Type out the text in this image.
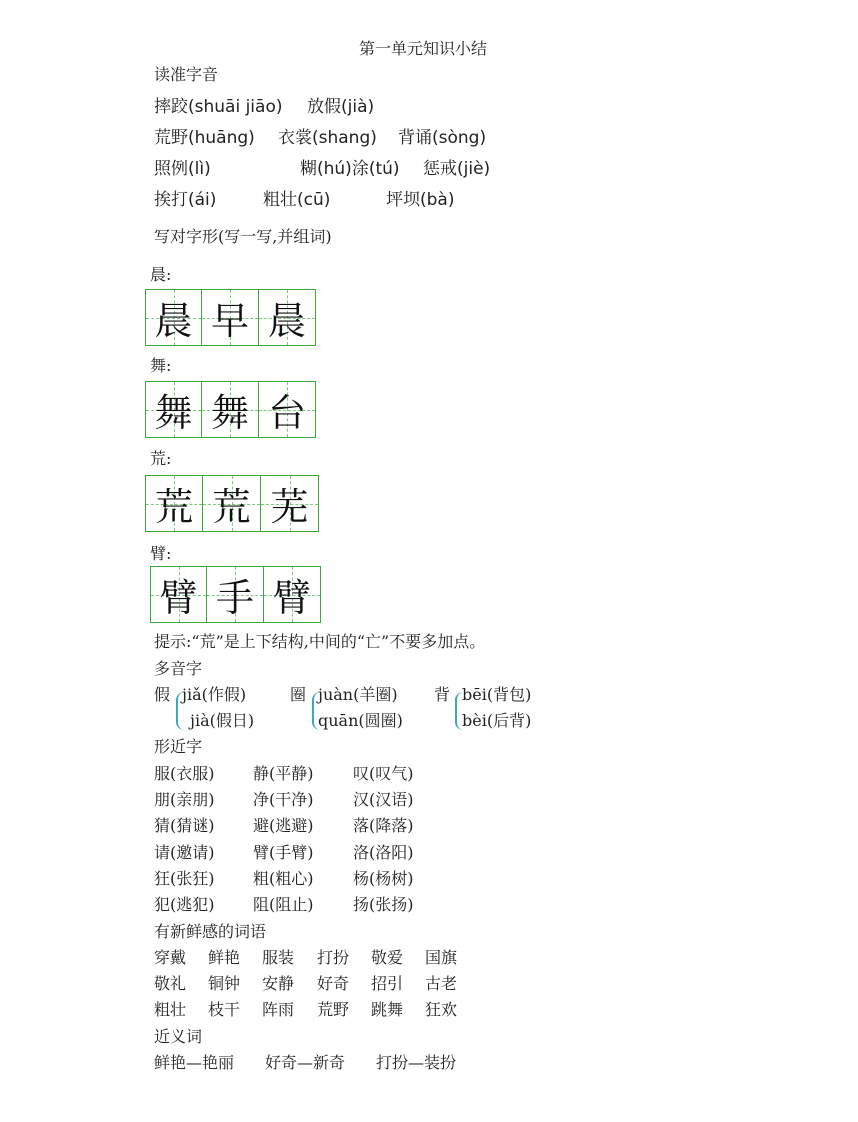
第一单元知识小结
读准字音
摔跤(shuāi jiāo) 放假(jià)
荒野(huāng) 衣裳(shang) 背诵(sòng)
照例(lì)	糊(hú)涂(tú) 惩戒(jiè)
挨打(ái)	粗壮(cū)	坪坝(bà)
写对字形(写一写,并组词)
晨:
晨 早 晨
舞:
舞 舞 台
荒:
荒 荒 芜
臂:
臂 手 臂
提示:“荒”是上下结构,中间的“亡”不要多加点。
多音字
假 jiǎ(作假)
jià(假日)
圈 juàn(羊圈)
quān(圆圈)
背 bēi(背包)
bèi(后背)
形近字
服(衣服) 静(平静) 叹(叹气)
朋(亲朋) 净(干净) 汉(汉语)
猜(猜谜) 避(逃避) 落(降落)
请(邀请) 臂(手臂) 洛(洛阳)
狂(张狂) 粗(粗心) 杨(杨树)
犯(逃犯) 阻(阻止) 扬(张扬)
有新鲜感的词语
穿戴 鲜艳 服装 打扮 敬爱 国旗
敬礼 铜钟 安静 好奇 招引 古老
粗壮 枝干 阵雨 荒野 跳舞 狂欢
近义词
鲜艳—艳丽 好奇—新奇 打扮—装扮
